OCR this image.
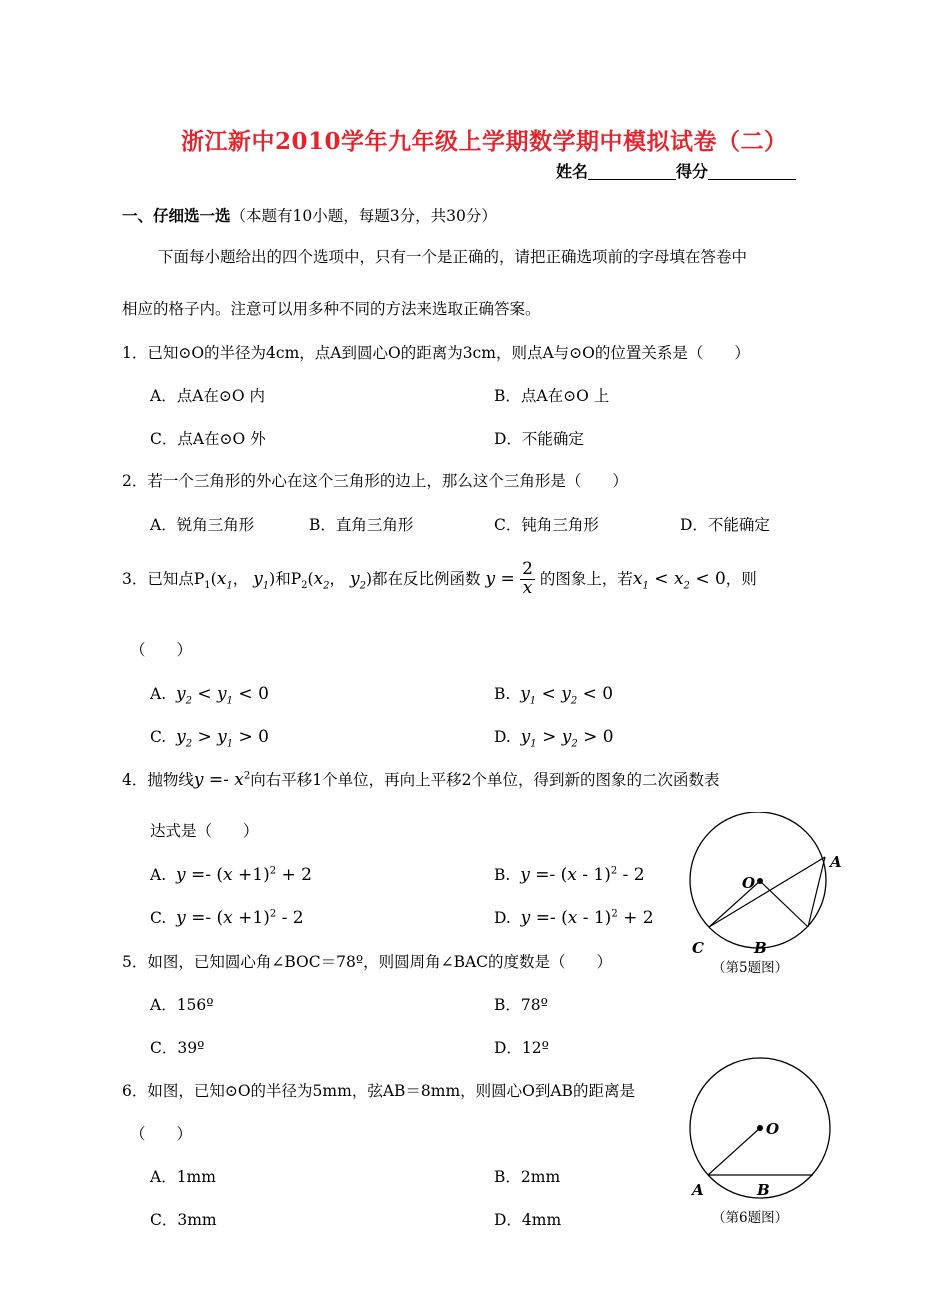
浙江新中2010学年九年级上学期数学期中模拟试卷（二）
姓名	得分
一、仔细选一选（本题有10小题，每题3分，共30分）
下面每小题给出的四个选项中，只有一个是正确的，请把正确选项前的字母填在答卷中
相应的格子内。注意可以用多种不同的方法来选取正确答案。
1．已知⊙O的半径为4cm，点A到圆心O的距离为3cm，则点A与⊙O的位置关系是（　　）
A．点A在⊙O 内	B．点A在⊙O 上
C．点A在⊙O 外	D．不能确定
2．若一个三角形的外心在这个三角形的边上，那么这个三角形是（　　）
A．锐角三角形	B．直角三角形	C．钝角三角形	D．不能确定
3．已知点$P_1(x_1$， $y_1$)和$P_2(x_2$， $y_2$)都在反比例函数 $y = \frac{2}{x}$ 的图象上，若$x_1 < x_2 < 0$，则
（　　）
A. $y_2 < y_1 < 0$	B. $y_1 < y_2 < 0$
C. $y_2 > y_1 > 0$	D. $y_1 > y_2 > 0$
4．抛物线$y =- x^2$向右平移1个单位，再向上平移2个单位，得到新的图象的二次函数表
达式是（　　）
A. $y =- (x +1)^2 + 2$	B. y =- (x - 1)$^2$ - 2
C. $y =- (x +1)^2 - 2$	D. y =- (x - 1)$^2$ + 2
O
A
B
C
（第5题图）
5．如图，已知圆心角∠BOC＝78º，则圆周角∠BAC的度数是（　　）
A．156º	B．78º
C．39º	D．12º
6．如图，已知⊙O的半径为5mm，弦AB＝8mm，则圆心O到AB的距离是
（　　）
A．1mm	B．2mm
C．3mm	D．4mm
O
A	B
（第6题图）
